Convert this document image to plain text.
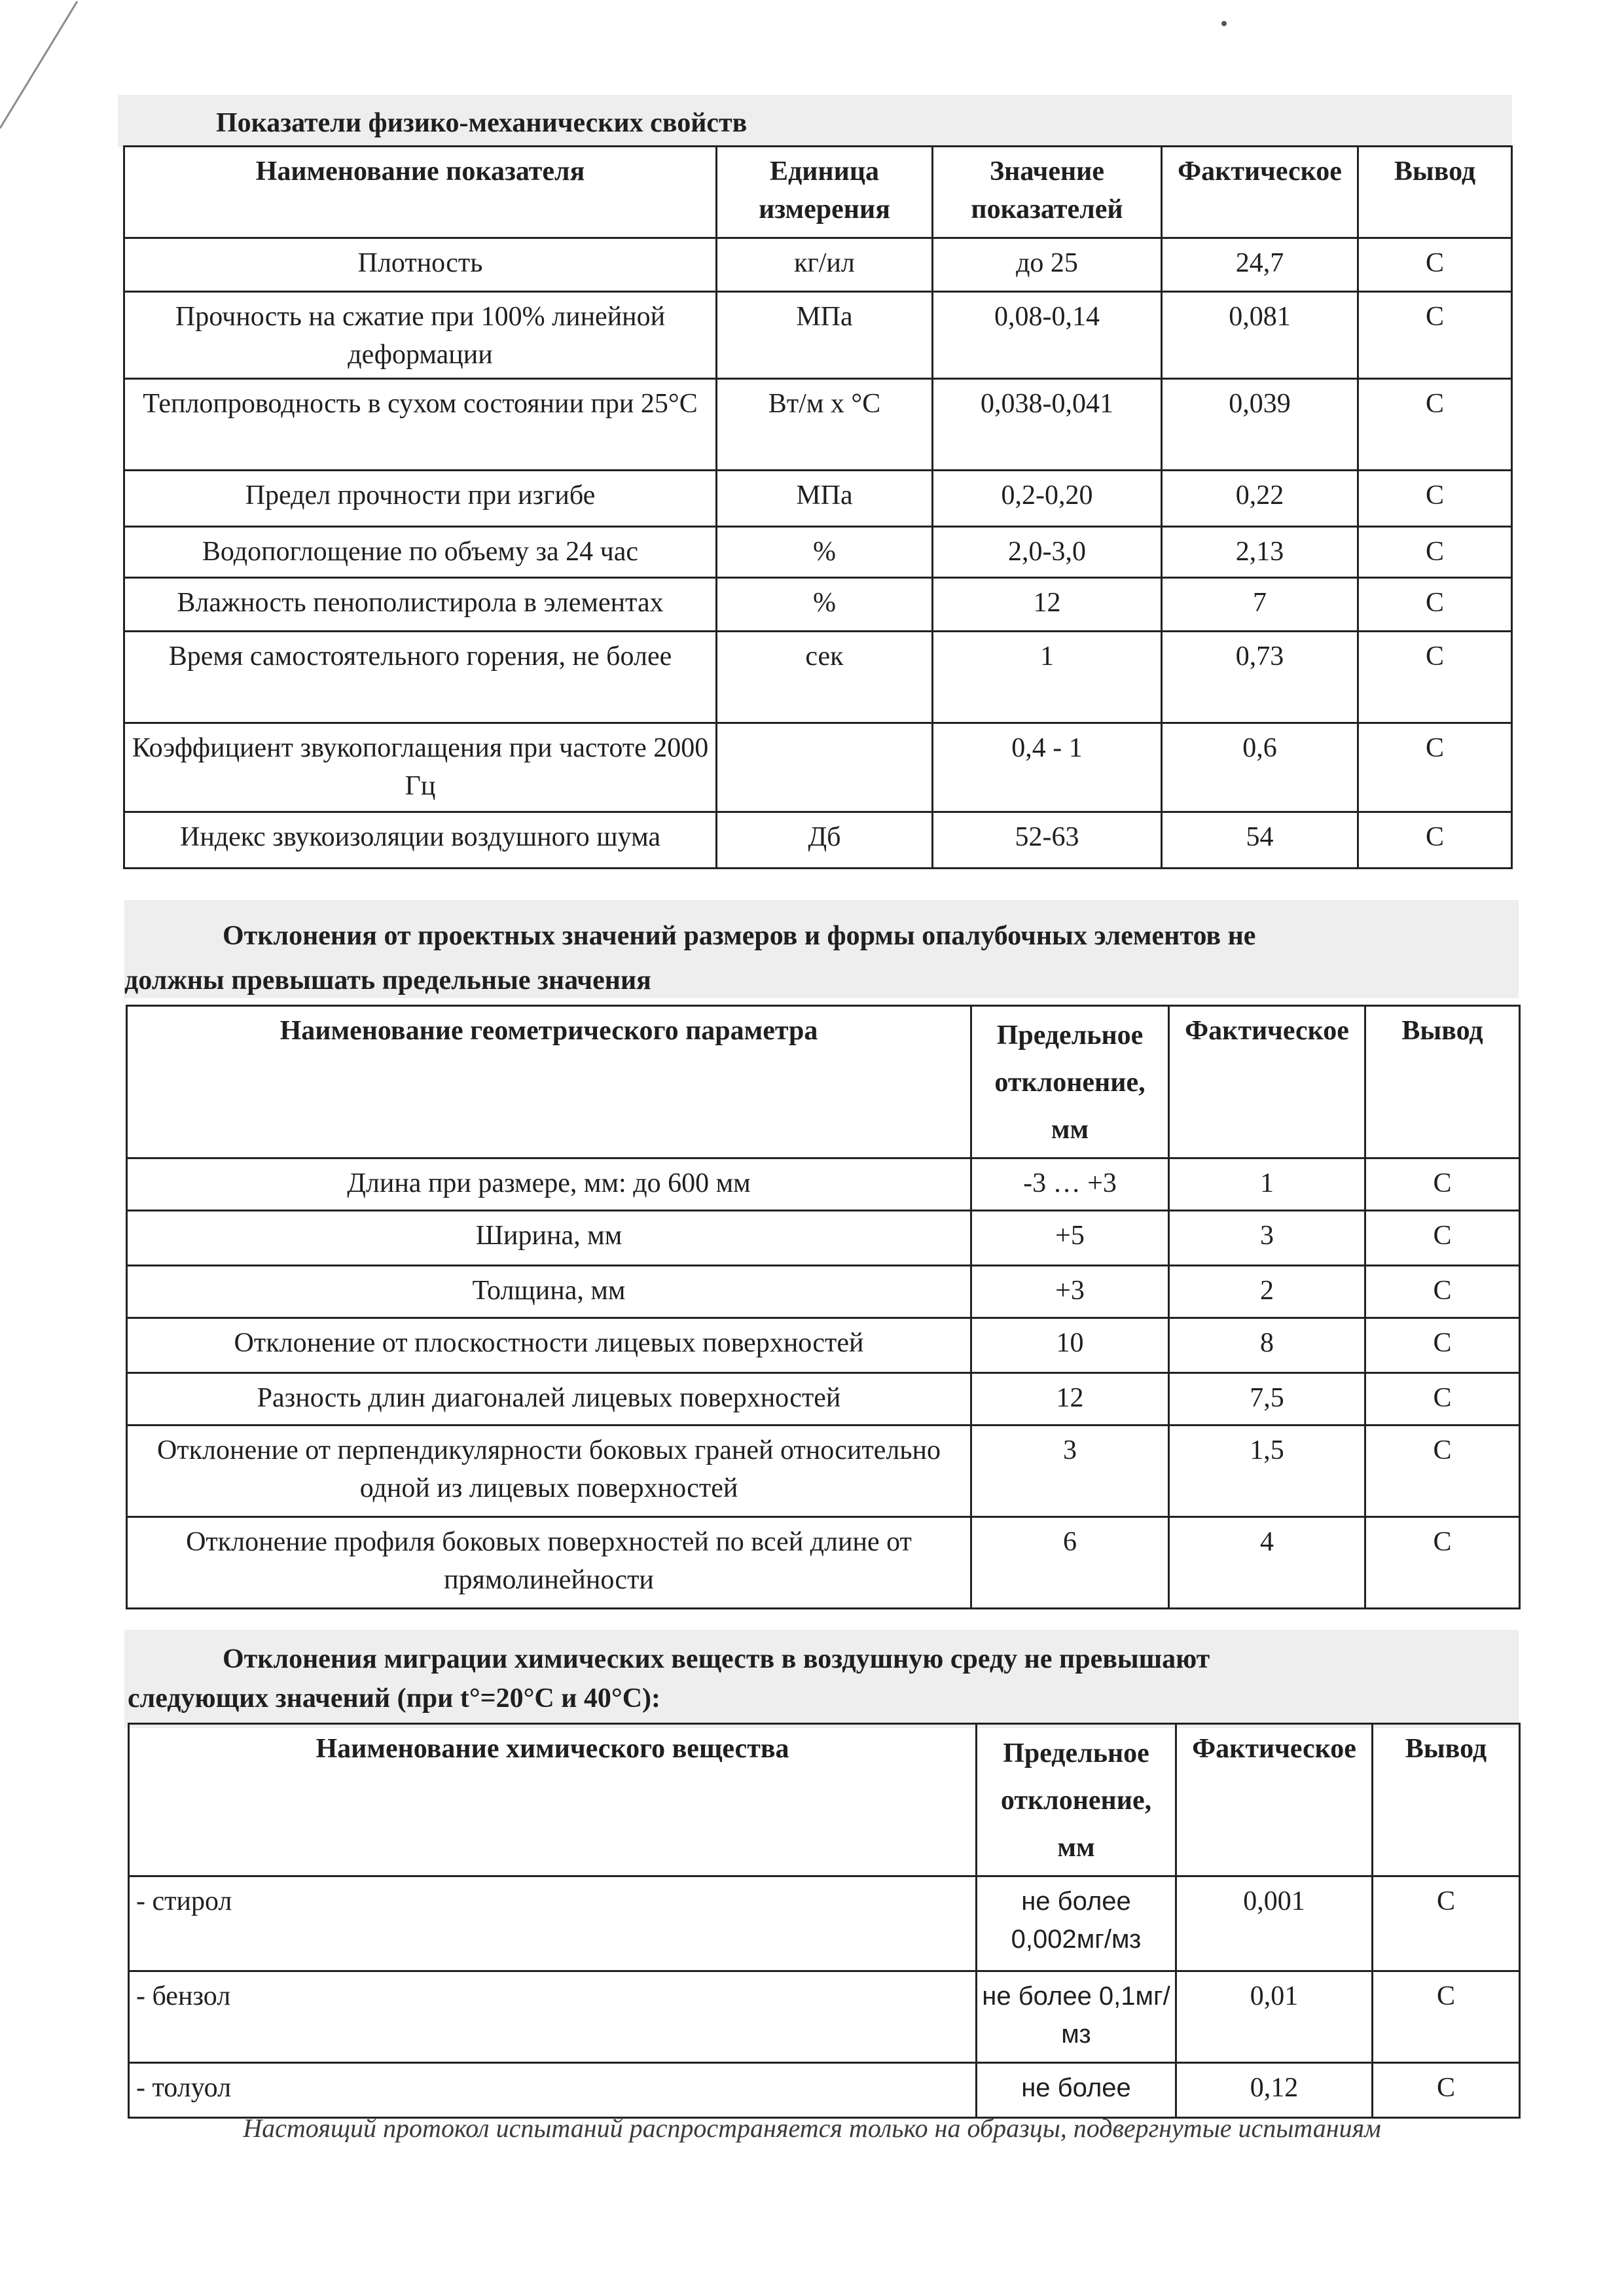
Показатели физико-механических свойств
Наименование показателя	Единица измерения	Значение показателей	Фактическое	Вывод
Плотность	кг/ил	до 25	24,7	С
Прочность на сжатие при 100% линейной деформации	МПа	0,08-0,14	0,081	С
Теплопроводность в сухом состоянии при 25°С	Вт/м х °С	0,038-0,041	0,039	С
Предел прочности при изгибе	МПа	0,2-0,20	0,22	С
Водопоглощение по объему за 24 час	%	2,0-3,0	2,13	С
Влажность пенополистирола в элементах	%	12	7	С
Время самостоятельного горения, не более	сек	1	0,73	С
Коэффициент звукопоглащения при частоте 2000 Гц		0,4 - 1	0,6	С
Индекс звукоизоляции воздушного шума	Дб	52-63	54	С
Отклонения от проектных значений размеров и формы опалубочных элементов не
должны превышать предельные значения
Наименование геометрического параметра	Предельное отклонение, мм	Фактическое	Вывод
Длина при размере, мм: до 600 мм	-3 … +3	1	С
Ширина, мм	+5	3	С
Толщина, мм	+3	2	С
Отклонение от плоскостности лицевых поверхностей	10	8	С
Разность длин диагоналей лицевых поверхностей	12	7,5	С
Отклонение от перпендикулярности боковых граней относительно одной из лицевых поверхностей	3	1,5	С
Отклонение профиля боковых поверхностей по всей длине от прямолинейности	6	4	С
Отклонения миграции химических веществ в воздушную среду не превышают
следующих значений (при t°=20°С и 40°С):
Наименование химического вещества	Предельное отклонение, мм	Фактическое	Вывод
- стирол	не более 0,002мг/мз	0,001	С
- бензол	не более 0,1мг/мз	0,01	С
- толуол	не более	0,12	С
Настоящий протокол испытаний распространяется только на образцы, подвергнутые испытаниям
